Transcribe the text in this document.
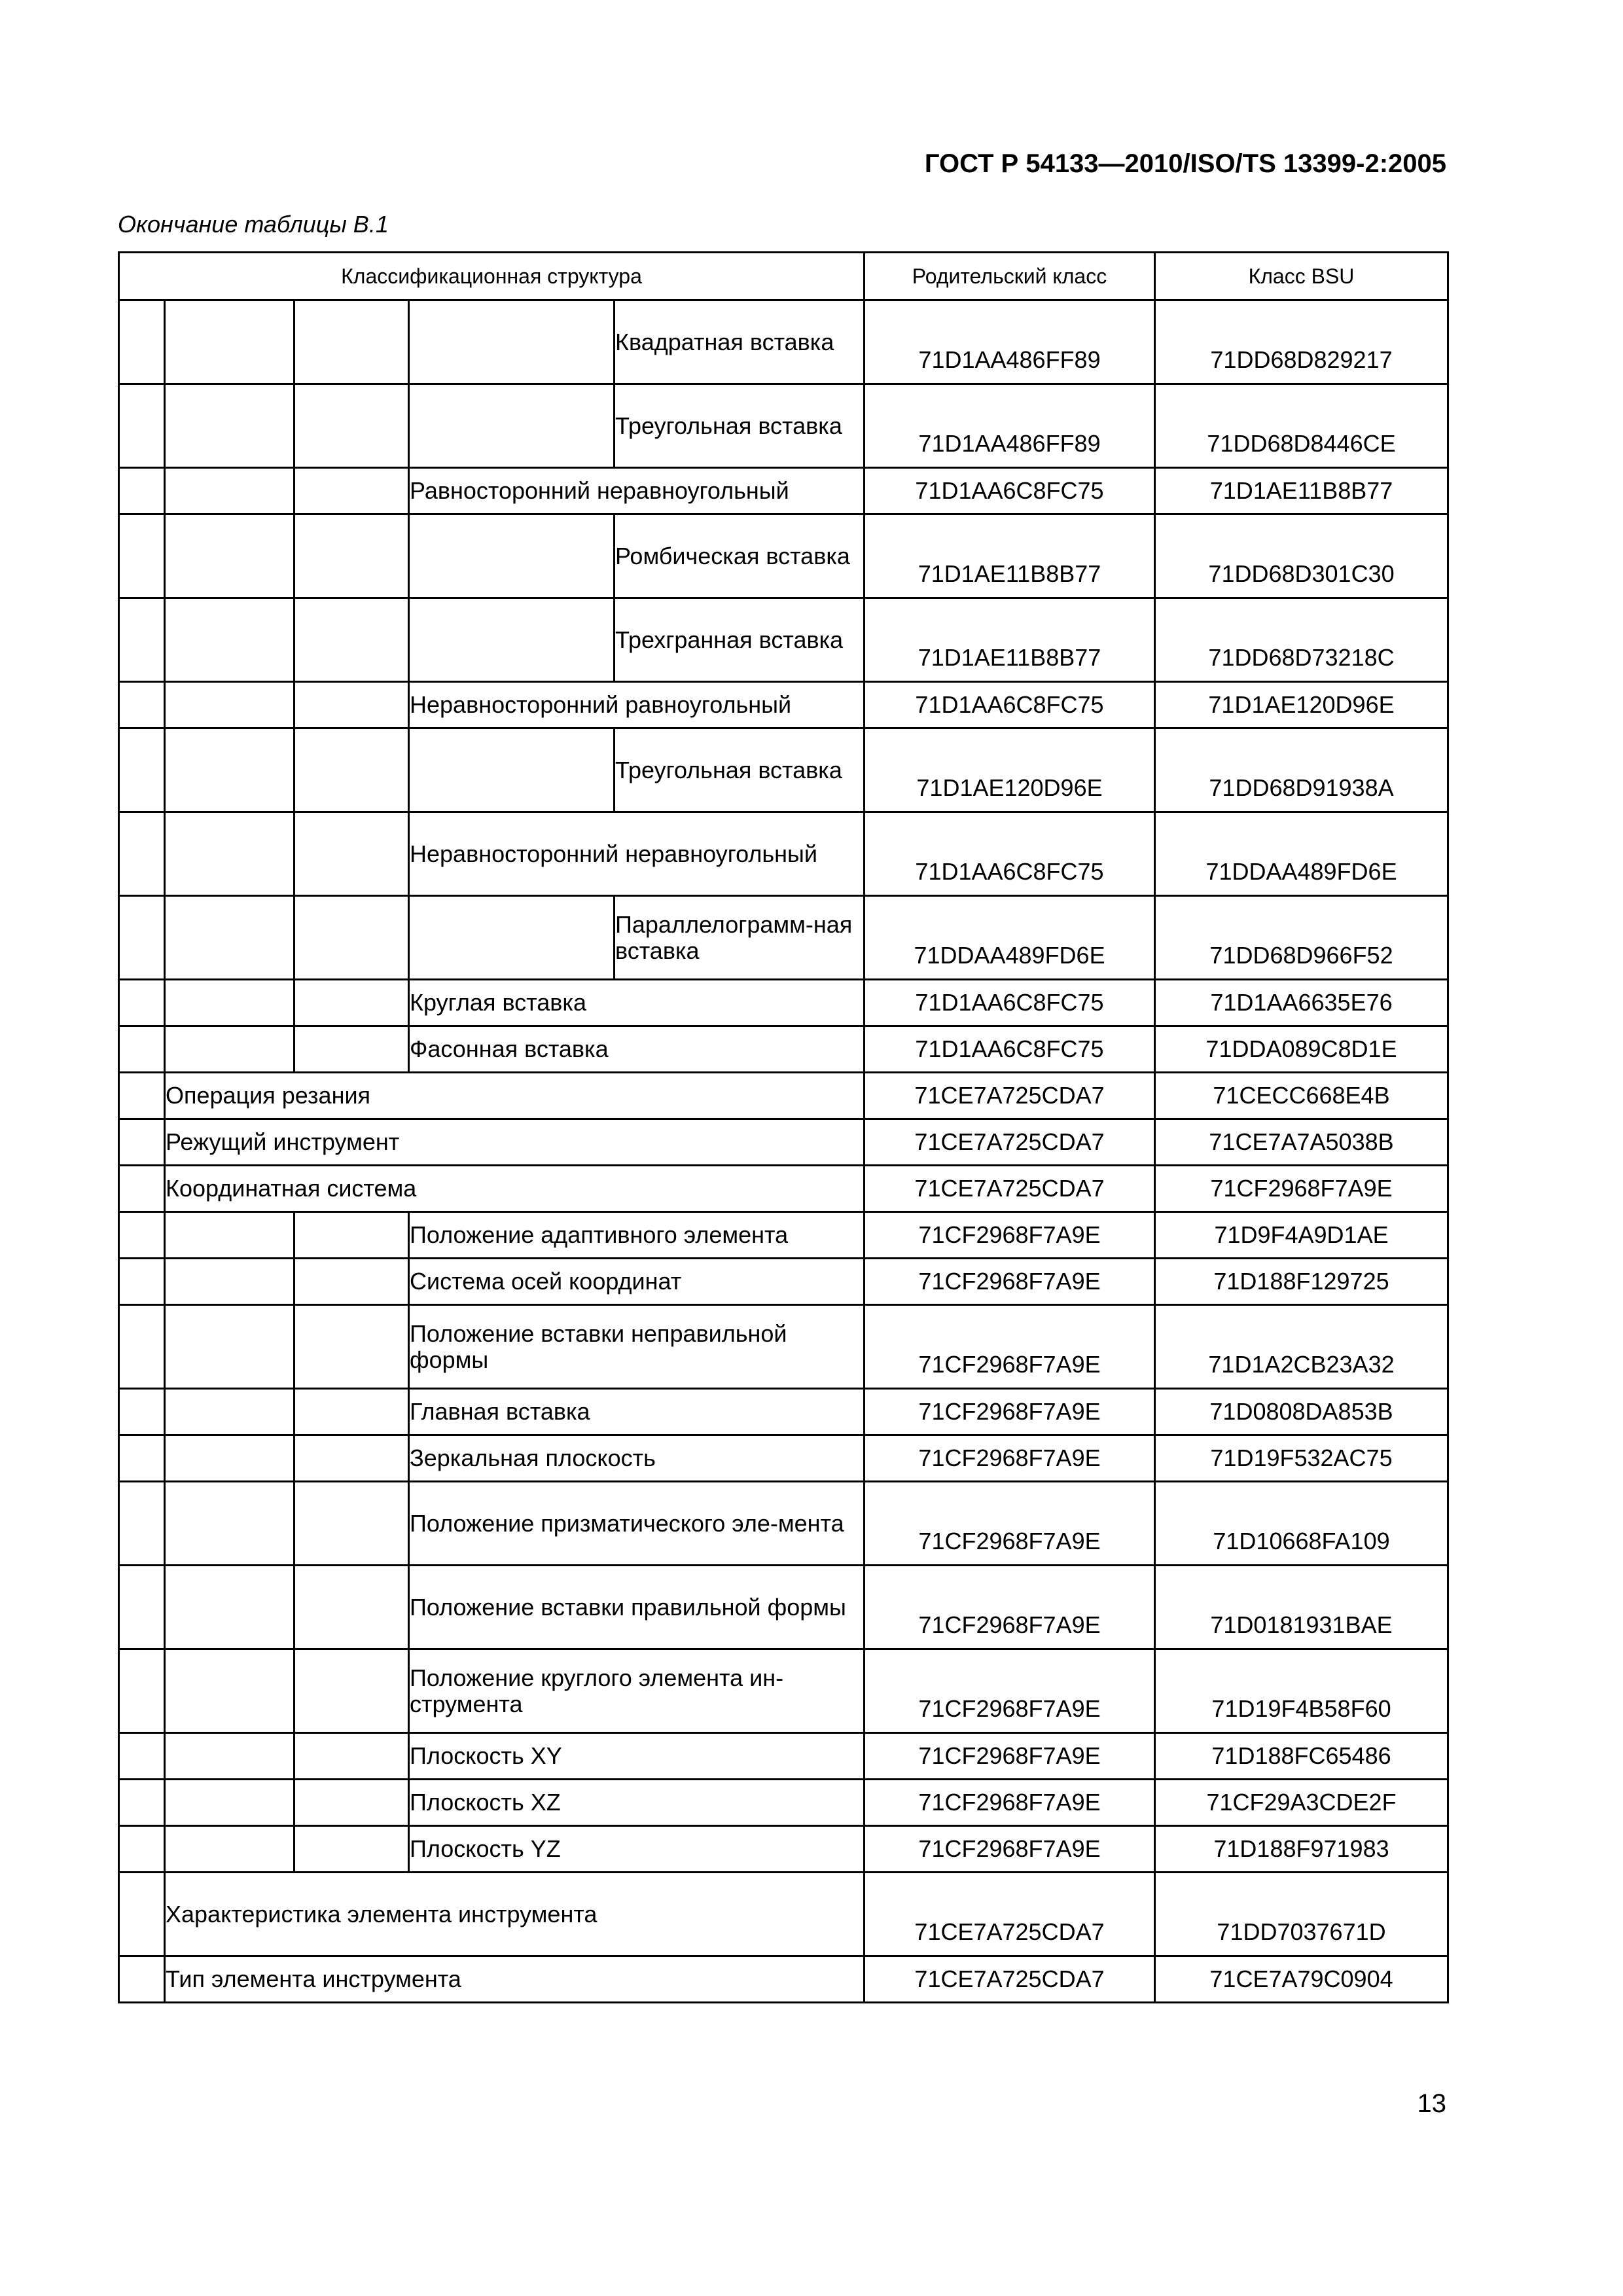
ГОСТ Р 54133—2010/ISO/TS 13399-2:2005
Окончание таблицы В.1
Классификационная структура					Родительский класс	Класс BSU
				Квадратная вставка	71D1AA486FF89	71DD68D829217
				Треугольная вставка	71D1AA486FF89	71DD68D8446CE
			Равносторонний неравноугольный		71D1AA6C8FC75	71D1AE11B8B77
				Ромбическая вставка	71D1AE11B8B77	71DD68D301C30
				Трехгранная вставка	71D1AE11B8B77	71DD68D73218C
			Неравносторонний равноугольный		71D1AA6C8FC75	71D1AE120D96E
				Треугольная вставка	71D1AE120D96E	71DD68D91938A
			Неравносторонний неравноугольный		71D1AA6C8FC75	71DDAA489FD6E
				Параллелограмм-ная вставка	71DDAA489FD6E	71DD68D966F52
			Круглая вставка		71D1AA6C8FC75	71D1AA6635E76
			Фасонная вставка		71D1AA6C8FC75	71DDA089C8D1E
	Операция резания				71CE7A725CDA7	71CECC668E4B
	Режущий инструмент				71CE7A725CDA7	71CE7A7A5038B
	Координатная система				71CE7A725CDA7	71CF2968F7A9E
			Положение адаптивного элемента		71CF2968F7A9E	71D9F4A9D1AE
			Система осей координат		71CF2968F7A9E	71D188F129725
			Положение вставки неправильной формы		71CF2968F7A9E	71D1A2CB23A32
			Главная вставка		71CF2968F7A9E	71D0808DA853B
			Зеркальная плоскость		71CF2968F7A9E	71D19F532AC75
			Положение призматического эле-мента		71CF2968F7A9E	71D10668FA109
			Положение вставки правильной формы		71CF2968F7A9E	71D0181931BAE
			Положение круглого элемента ин-струмента		71CF2968F7A9E	71D19F4B58F60
			Плоскость XY		71CF2968F7A9E	71D188FC65486
			Плоскость XZ		71CF2968F7A9E	71CF29A3CDE2F
			Плоскость YZ		71CF2968F7A9E	71D188F971983
	Характеристика элемента инструмента				71CE7A725CDA7	71DD7037671D
	Тип элемента инструмента				71CE7A725CDA7	71CE7A79C0904
13
